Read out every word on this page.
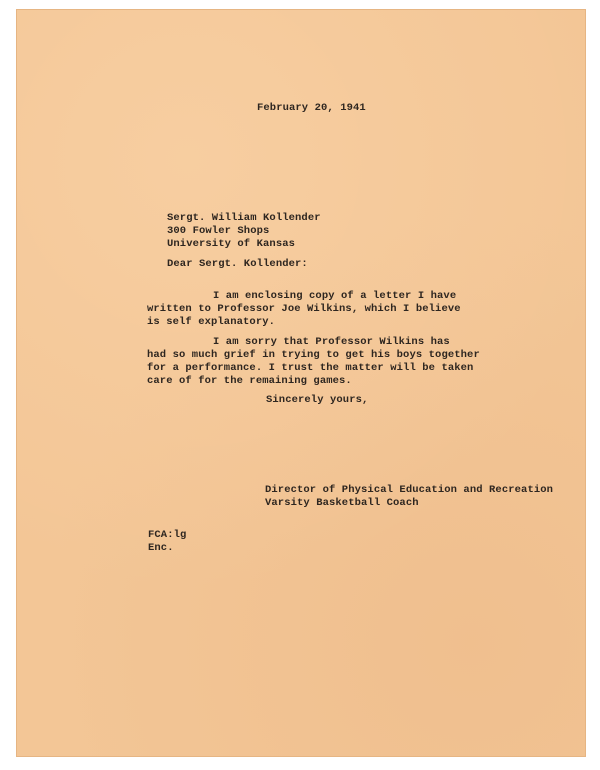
February 20, 1941
Sergt. William Kollender
300 Fowler Shops
University of Kansas
Dear Sergt. Kollender:
I am enclosing copy of a letter I have
written to Professor Joe Wilkins, which I believe
is self explanatory.
I am sorry that Professor Wilkins has
had so much grief in trying to get his boys together
for a performance. I trust the matter will be taken
care of for the remaining games.
Sincerely yours,
Director of Physical Education and Recreation
Varsity Basketball Coach
FCA:lg
Enc.
